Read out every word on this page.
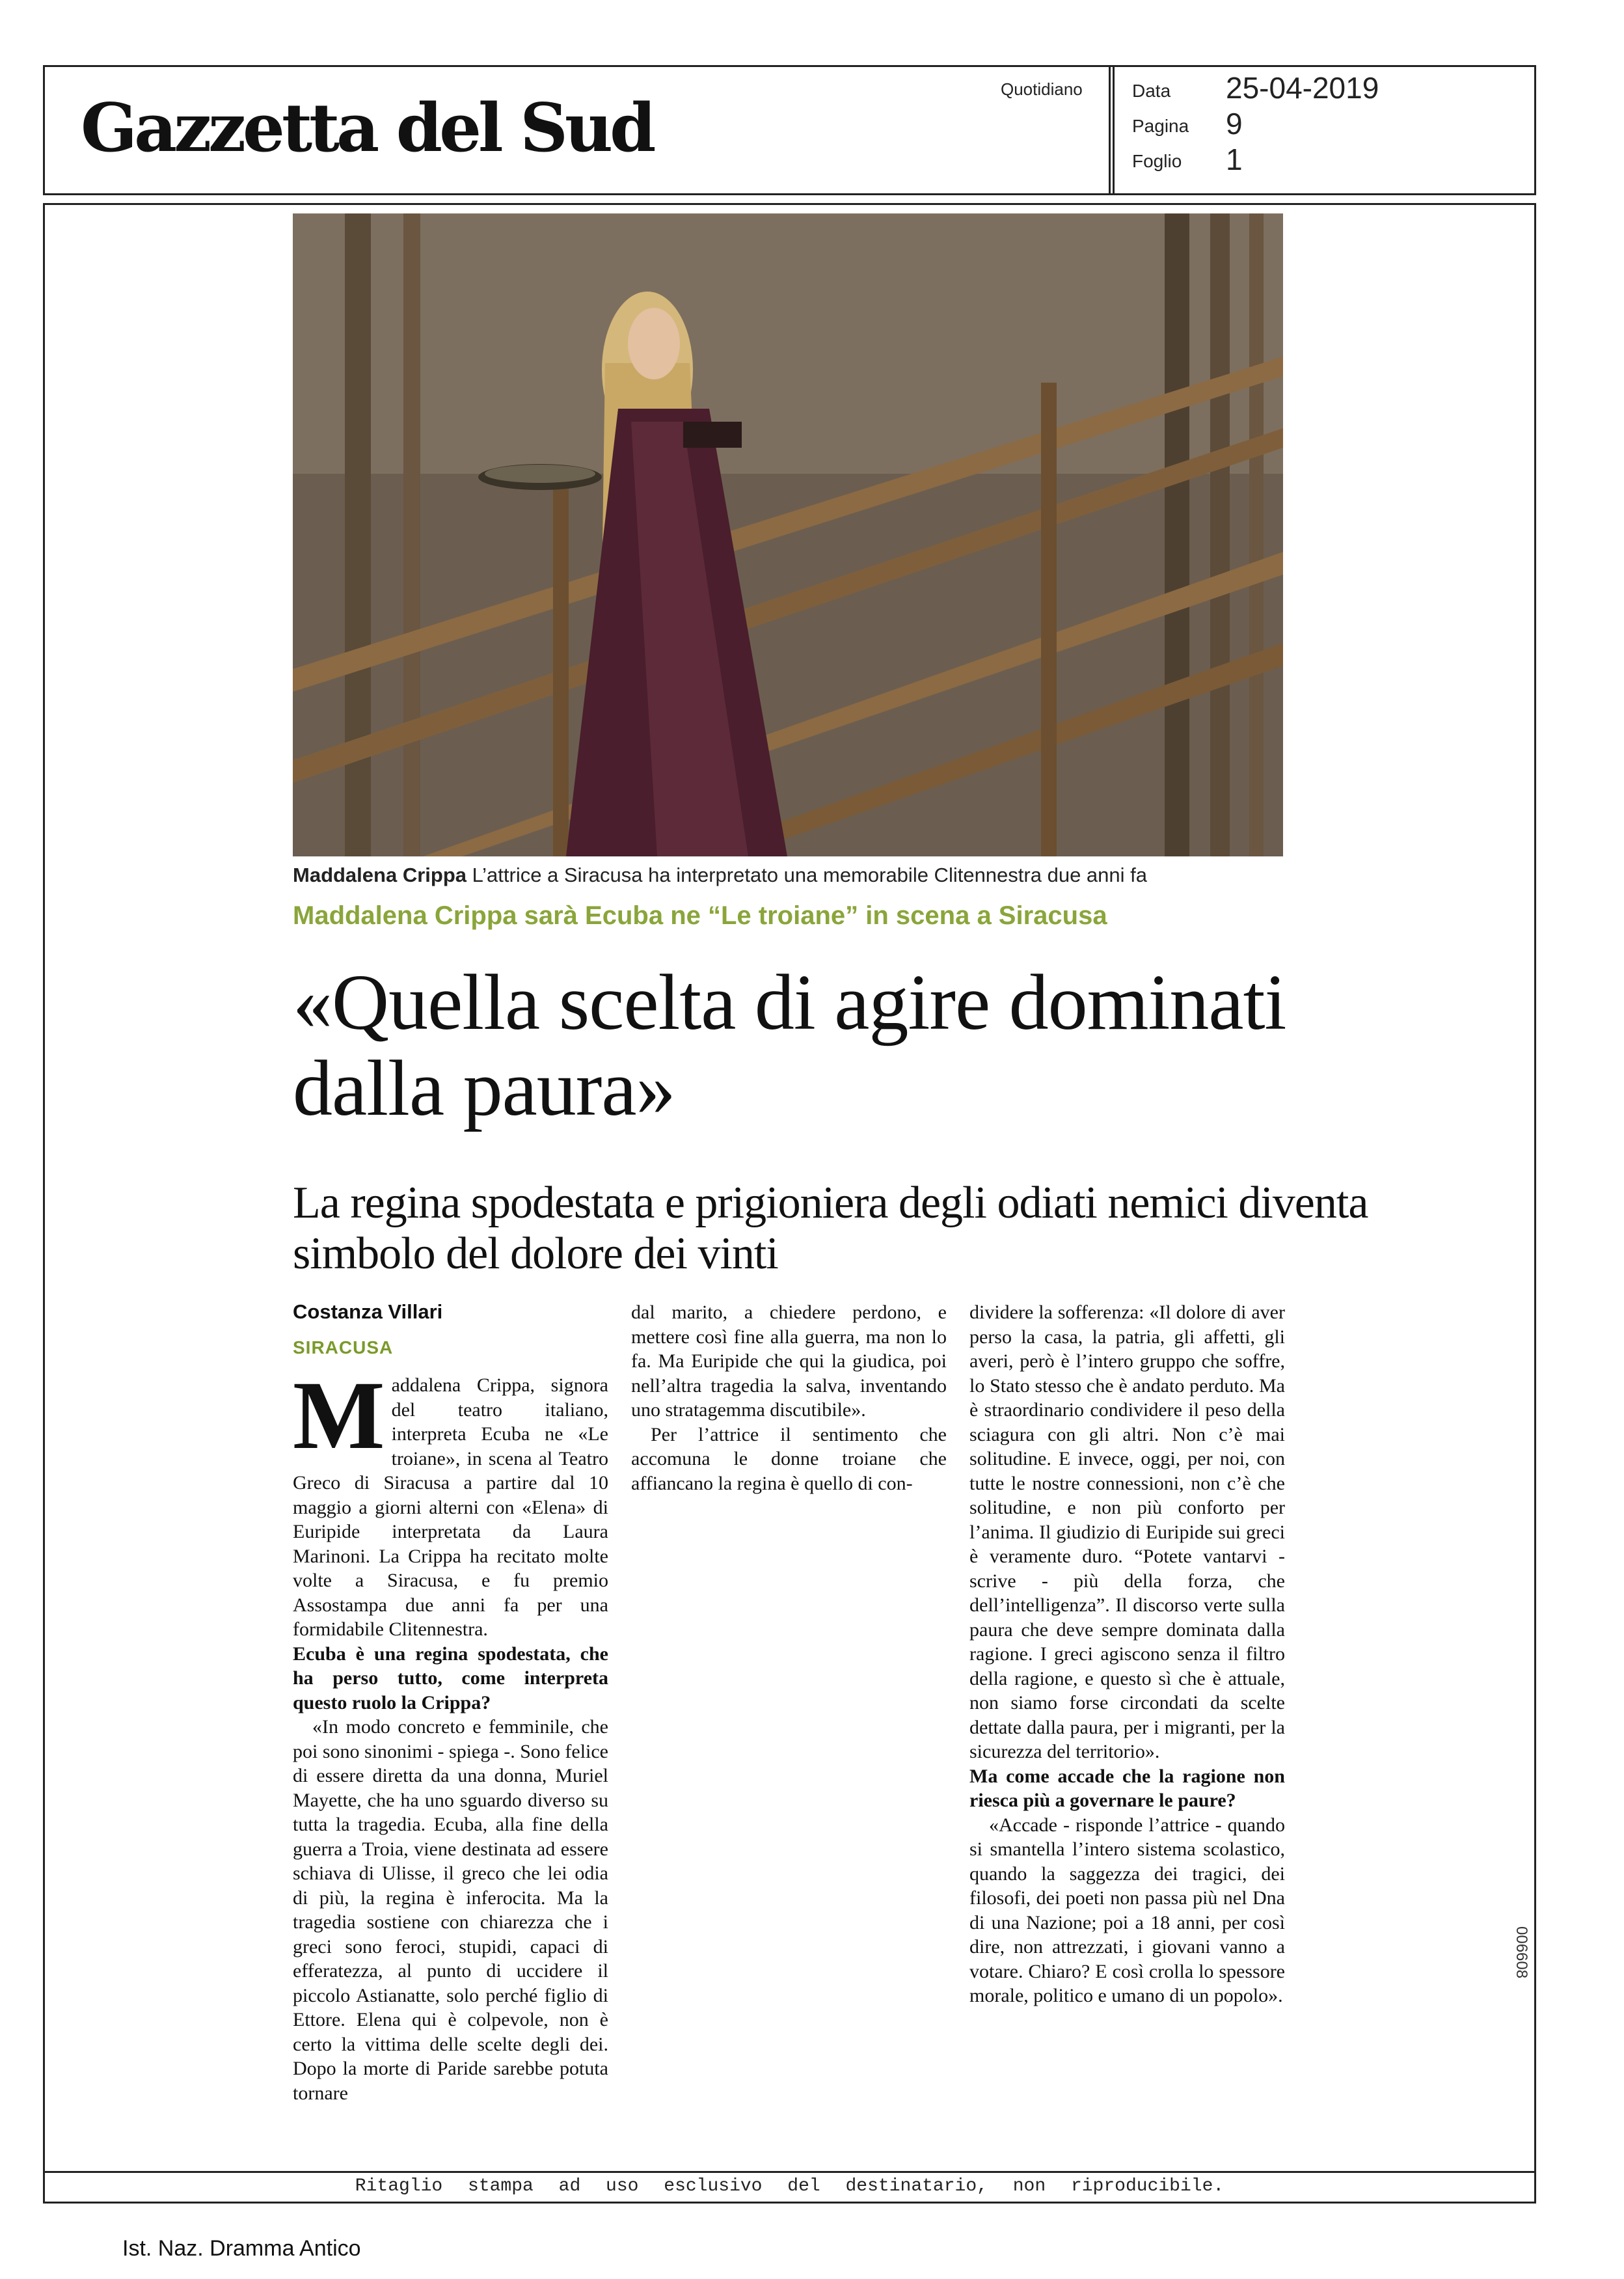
Gazzetta del Sud	Quotidiano	Data 25-04-2019
Pagina 9
Foglio 1
Maddalena Crippa L’attrice a Siracusa ha interpretato una memorabile Clitennestra due anni fa
Maddalena Crippa sarà Ecuba ne “Le troiane” in scena a Siracusa
«Quella scelta di agire dominati dalla paura»
La regina spodestata e prigioniera degli odiati nemici diventa simbolo del dolore dei vinti
Costanza Villari
SIRACUSA

Maddalena Crippa, signora del teatro italiano, interpreta Ecuba ne «Le troiane», in scena al Teatro Greco di Siracusa a partire dal 10 maggio a giorni alterni con «Elena» di Euripide interpretata da Laura Marinoni. La Crippa ha recitato molte volte a Siracusa, e fu premio Assostampa due anni fa per una formidabile Clitennestra.

Ecuba è una regina spodestata, che ha perso tutto, come interpreta questo ruolo la Crippa?

«In modo concreto e femminile, che poi sono sinonimi - spiega -. Sono felice di essere diretta da una donna, Muriel Mayette, che ha uno sguardo diverso su tutta la tragedia. Ecuba, alla fine della guerra a Troia, viene destinata ad essere schiava di Ulisse, il greco che lei odia di più, la regina è inferocita. Ma la tragedia sostiene con chiarezza che i greci sono feroci, stupidi, capaci di efferatezza, al punto di uccidere il piccolo Astianatte, solo perché figlio di Ettore. Elena qui è colpevole, non è certo la vittima delle scelte degli dei. Dopo la morte di Paride sarebbe potuta tornare

dal marito, a chiedere perdono, e mettere così fine alla guerra, ma non lo fa. Ma Euripide che qui la giudica, poi nell’altra tragedia la salva, inventando uno stratagemma discutibile».

Per l’attrice il sentimento che accomuna le donne troiane che affiancano la regina è quello di con-

dividere la sofferenza: «Il dolore di aver perso la casa, la patria, gli affetti, gli averi, però è l’intero gruppo che soffre, lo Stato stesso che è andato perduto. Ma è straordinario condividere il peso della sciagura con gli altri. Non c’è mai solitudine. E invece, oggi, per noi, con tutte le nostre connessioni, non c’è che solitudine, e non più conforto per l’anima. Il giudizio di Euripide sui greci è veramente duro. “Potete vantarvi - scrive - più della forza, che dell’intelligenza”. Il discorso verte sulla paura che deve sempre dominata dalla ragione. I greci agiscono senza il filtro della ragione, e questo sì che è attuale, non siamo forse circondati da scelte dettate dalla paura, per i migranti, per la sicurezza del territorio».

Ma come accade che la ragione non riesca più a governare le paure?

«Accade - risponde l’attrice - quando si smantella l’intero sistema scolastico, quando la saggezza dei tragici, dei filosofi, dei poeti non passa più nel Dna di una Nazione; poi a 18 anni, per così dire, non attrezzati, i giovani vanno a votare. Chiaro? E così crolla lo spessore morale, politico e umano di un popolo».

006608
Ritaglio stampa ad uso esclusivo del destinatario, non riproducibile.
Ist. Naz. Dramma Antico
